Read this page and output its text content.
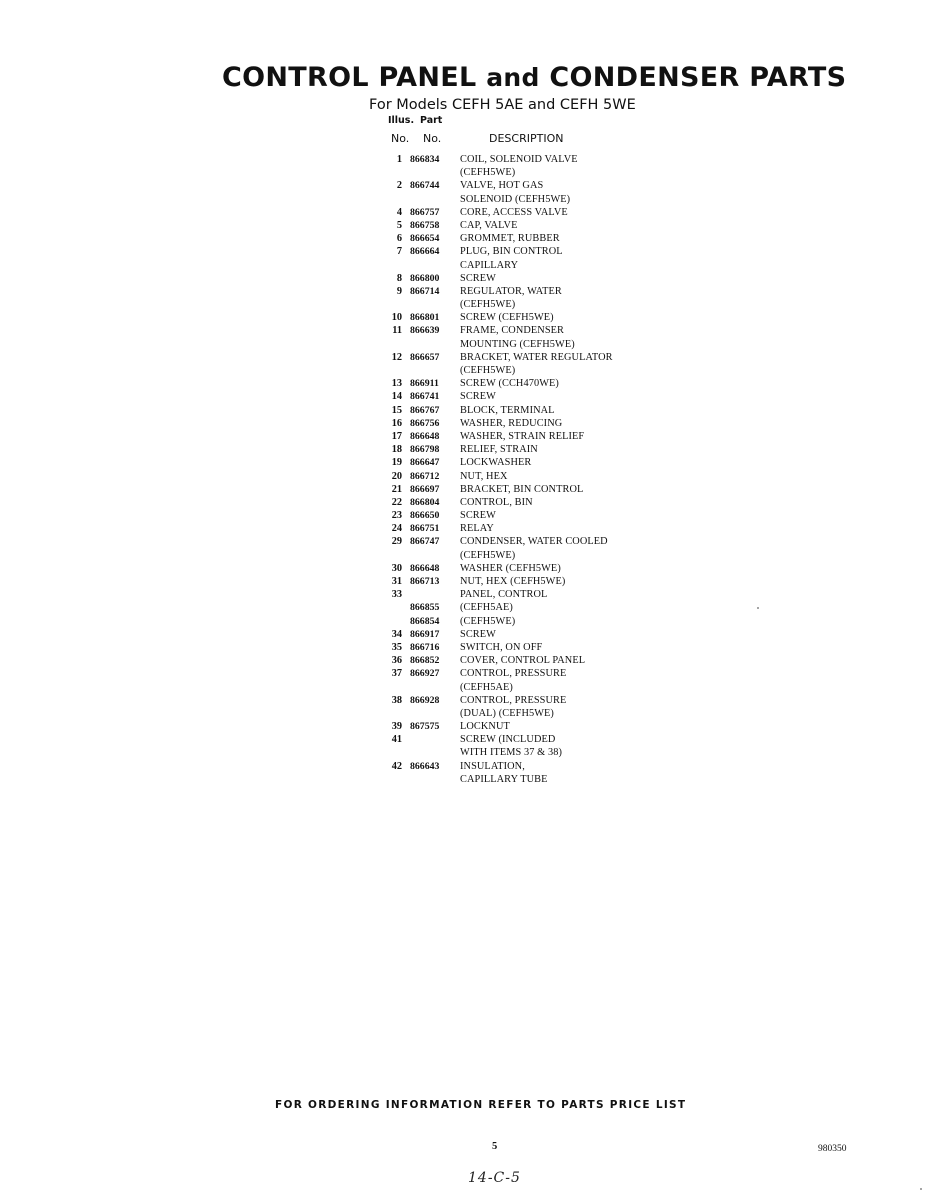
CONTROL PANEL and CONDENSER PARTS
For Models CEFH 5AE and CEFH 5WE
Illus. Part
No. No.	DESCRIPTION
1 866834	COIL, SOLENOID VALVE
(CEFH5WE)
2 866744	VALVE, HOT GAS
SOLENOID (CEFH5WE)
4 866757	CORE, ACCESS VALVE
5 866758	CAP, VALVE
6 866654	GROMMET, RUBBER
7 866664	PLUG, BIN CONTROL
CAPILLARY
8 866800	SCREW
9 866714	REGULATOR, WATER
(CEFH5WE)
10 866801	SCREW (CEFH5WE)
11 866639	FRAME, CONDENSER
MOUNTING (CEFH5WE)
12 866657	BRACKET, WATER REGULATOR
(CEFH5WE)
13 866911	SCREW (CCH470WE)
14 866741	SCREW
15 866767	BLOCK, TERMINAL
16 866756	WASHER, REDUCING
17 866648	WASHER, STRAIN RELIEF
18 866798	RELIEF, STRAIN
19 866647	LOCKWASHER
20 866712	NUT, HEX
21 866697	BRACKET, BIN CONTROL
22 866804	CONTROL, BIN
23 866650	SCREW
24 866751	RELAY
29 866747	CONDENSER, WATER COOLED
(CEFH5WE)
30 866648	WASHER (CEFH5WE)
31 866713	NUT, HEX (CEFH5WE)
33	PANEL, CONTROL
866855	(CEFH5AE)
866854	(CEFH5WE)
34 866917	SCREW
35 866716	SWITCH, ON OFF
36 866852	COVER, CONTROL PANEL
37 866927	CONTROL, PRESSURE
(CEFH5AE)
38 866928	CONTROL, PRESSURE
(DUAL) (CEFH5WE)
39 867575	LOCKNUT
41	SCREW (INCLUDED
WITH ITEMS 37 & 38)
42 866643	INSULATION,
CAPILLARY TUBE
FOR ORDERING INFORMATION REFER TO PARTS PRICE LIST
5	980350
14-C-5
